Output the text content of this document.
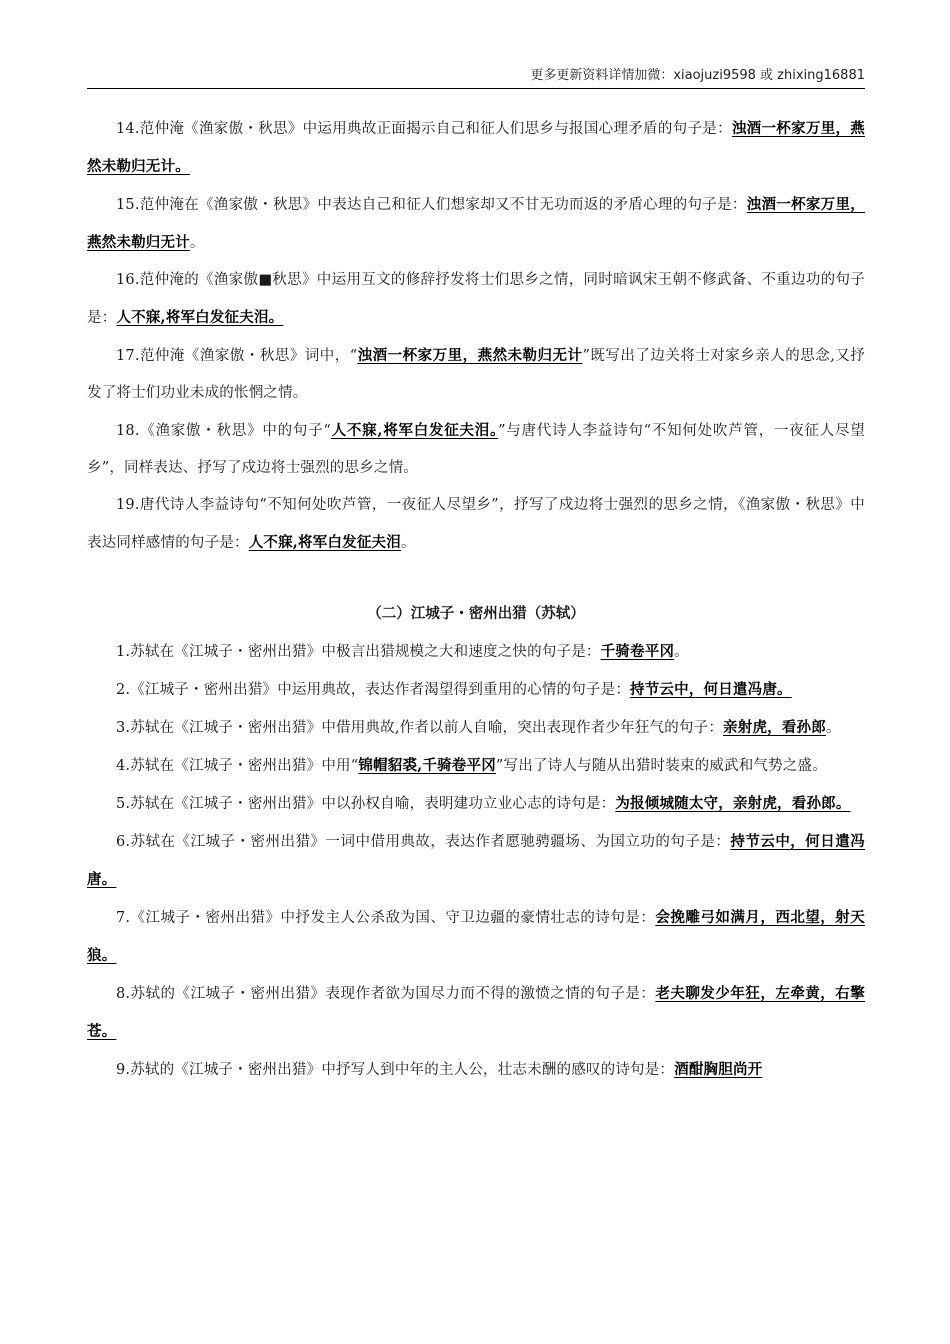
更多更新资料详情加微：xiaojuzi9598 或 zhixing16881

14.范仲淹《渔家傲・秋思》中运用典故正面揭示自己和征人们思乡与报国心理矛盾的句子是：浊酒一杯家万里，燕然未勒归无计。

15.范仲淹在《渔家傲・秋思》中表达自己和征人们想家却又不甘无功而返的矛盾心理的句子是：浊酒一杯家万里，燕然未勒归无计。

16.范仲淹的《渔家傲■秋思》中运用互文的修辞抒发将士们思乡之情，同时暗讽宋王朝不修武备、不重边功的句子是：人不寐,将军白发征夫泪。

17.范仲淹《渔家傲・秋思》词中，“浊酒一杯家万里，燕然未勒归无计”既写出了边关将士对家乡亲人的思念,又抒发了将士们功业未成的怅惘之情。

18.《渔家傲・秋思》中的句子“人不寐,将军白发征夫泪。”与唐代诗人李益诗句“不知何处吹芦管，一夜征人尽望乡”，同样表达、抒写了戍边将士强烈的思乡之情。

19.唐代诗人李益诗句“不知何处吹芦管，一夜征人尽望乡”，抒写了戍边将士强烈的思乡之情，《渔家傲・秋思》中表达同样感情的句子是：人不寐,将军白发征夫泪。

（二）江城子・密州出猎（苏轼）

1.苏轼在《江城子・密州出猎》中极言出猎规模之大和速度之快的句子是：千骑卷平冈。

2.《江城子・密州出猎》中运用典故，表达作者渴望得到重用的心情的句子是：持节云中，何日遣冯唐。

3.苏轼在《江城子・密州出猎》中借用典故,作者以前人自喻，突出表现作者少年狂气的句子：亲射虎，看孙郎。

4.苏轼在《江城子・密州出猎》中用“锦帽貂裘,千骑卷平冈”写出了诗人与随从出猎时装束的威武和气势之盛。

5.苏轼在《江城子・密州出猎》中以孙权自喻，表明建功立业心志的诗句是：为报倾城随太守，亲射虎，看孙郎。

6.苏轼在《江城子・密州出猎》一词中借用典故，表达作者愿驰骋疆场、为国立功的句子是：持节云中，何日遣冯唐。

7.《江城子・密州出猎》中抒发主人公杀敌为国、守卫边疆的豪情壮志的诗句是：会挽雕弓如满月，西北望，射天狼。

8.苏轼的《江城子・密州出猎》表现作者欲为国尽力而不得的激愤之情的句子是：老夫聊发少年狂，左牵黄，右擎苍。

9.苏轼的《江城子・密州出猎》中抒写人到中年的主人公，壮志未酬的感叹的诗句是：酒酣胸胆尚开
